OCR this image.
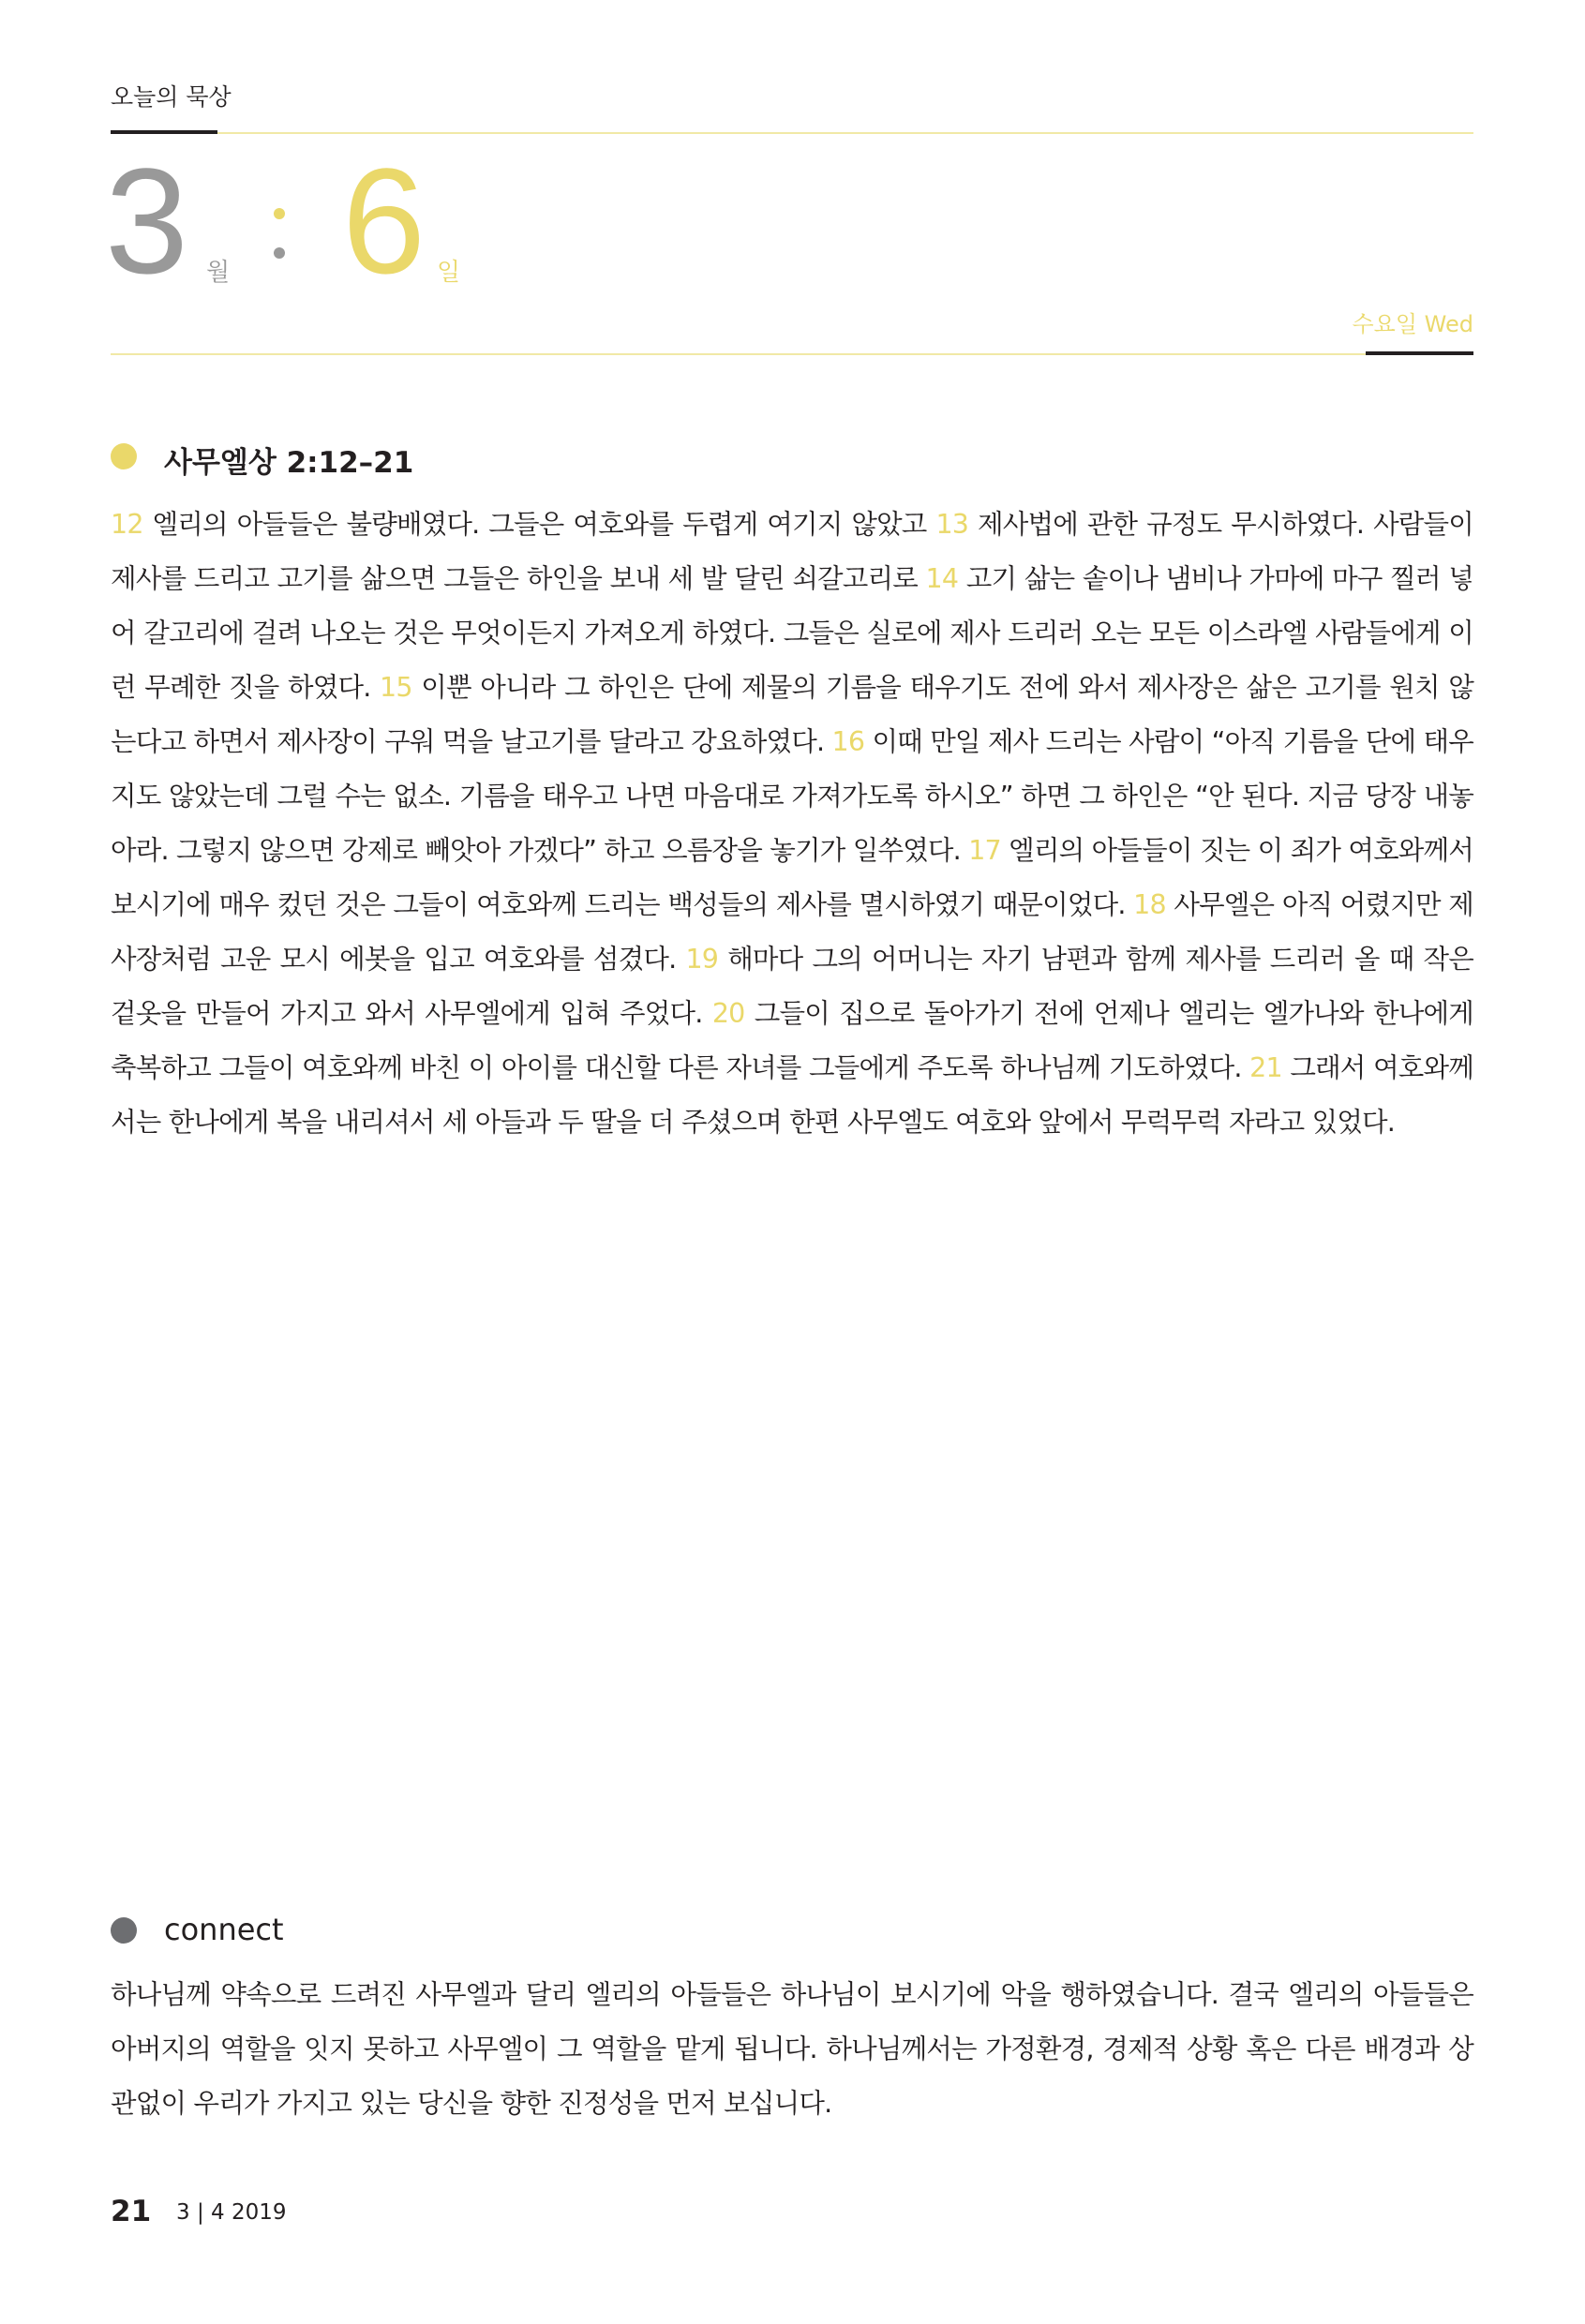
오늘의 묵상
3 월 6 일
수요일 Wed
사무엘상 2:12–21
12 엘리의 아들들은 불량배였다. 그들은 여호와를 두렵게 여기지 않았고 13 제사법에 관한 규정도 무시하였다. 사람들이 제사를 드리고 고기를 삶으면 그들은 하인을 보내 세 발 달린 쇠갈고리로 14 고기 삶는 솥이나 냄비나 가마에 마구 찔러 넣어 갈고리에 걸려 나오는 것은 무엇이든지 가져오게 하였다. 그들은 실로에 제사 드리러 오는 모든 이스라엘 사람들에게 이런 무례한 짓을 하였다. 15 이뿐 아니라 그 하인은 단에 제물의 기름을 태우기도 전에 와서 제사장은 삶은 고기를 원치 않는다고 하면서 제사장이 구워 먹을 날고기를 달라고 강요하였다. 16 이때 만일 제사 드리는 사람이 “아직 기름을 단에 태우지도 않았는데 그럴 수는 없소. 기름을 태우고 나면 마음대로 가져가도록 하시오” 하면 그 하인은 “안 된다. 지금 당장 내놓아라. 그렇지 않으면 강제로 빼앗아 가겠다” 하고 으름장을 놓기가 일쑤였다. 17 엘리의 아들들이 짓는 이 죄가 여호와께서 보시기에 매우 컸던 것은 그들이 여호와께 드리는 백성들의 제사를 멸시하였기 때문이었다. 18 사무엘은 아직 어렸지만 제사장처럼 고운 모시 에봇을 입고 여호와를 섬겼다. 19 해마다 그의 어머니는 자기 남편과 함께 제사를 드리러 올 때 작은 겉옷을 만들어 가지고 와서 사무엘에게 입혀 주었다. 20 그들이 집으로 돌아가기 전에 언제나 엘리는 엘가나와 한나에게 축복하고 그들이 여호와께 바친 이 아이를 대신할 다른 자녀를 그들에게 주도록 하나님께 기도하였다. 21 그래서 여호와께서는 한나에게 복을 내리셔서 세 아들과 두 딸을 더 주셨으며 한편 사무엘도 여호와 앞에서 무럭무럭 자라고 있었다.
connect
하나님께 약속으로 드려진 사무엘과 달리 엘리의 아들들은 하나님이 보시기에 악을 행하였습니다. 결국 엘리의 아들들은 아버지의 역할을 잇지 못하고 사무엘이 그 역할을 맡게 됩니다. 하나님께서는 가정환경, 경제적 상황 혹은 다른 배경과 상관없이 우리가 가지고 있는 당신을 향한 진정성을 먼저 보십니다.
21 3 | 4 2019
